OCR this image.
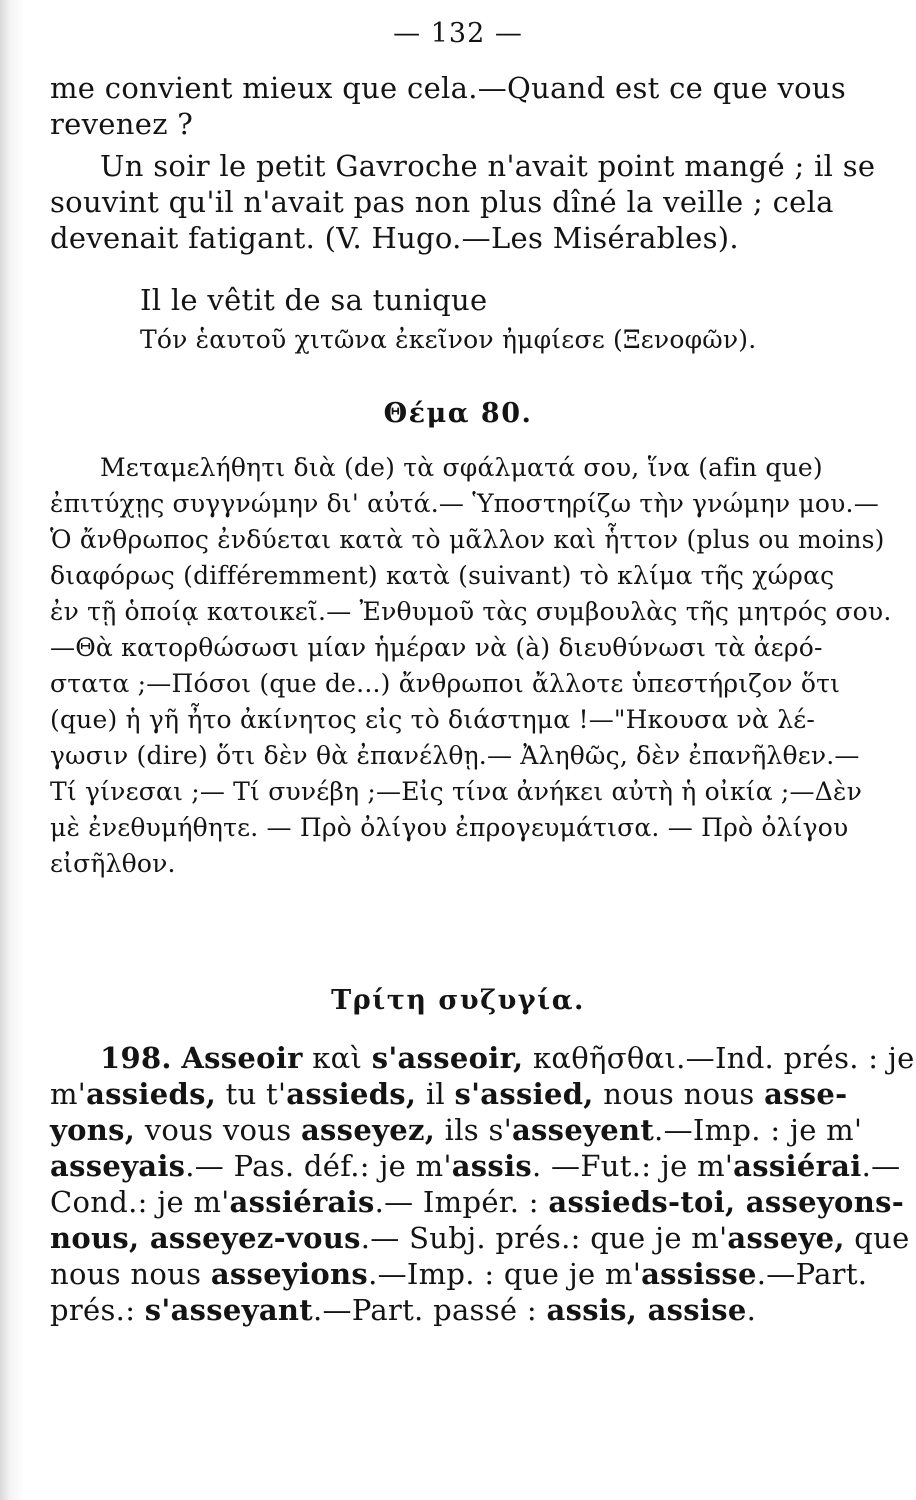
— 132 —
me convient mieux que cela.—Quand est ce que vous
revenez ?
Un soir le petit Gavroche n'avait point mangé ; il se
souvint qu'il n'avait pas non plus dîné la veille ; cela
devenait fatigant. (V. Hugo.—Les Misérables).
Il le vêtit de sa tunique
Τόν ἑαυτοῦ χιτῶνα ἐκεῖνον ἠμφίεσε (Ξενοφῶν).
Θέμα 80.
Μεταμελήθητι διὰ (de) τὰ σφάλματά σου, ἵνα (afin que)
ἐπιτύχῃς συγγνώμην δι' αὐτά.— Ὑποστηρίζω τὴν γνώμην μου.—
Ὁ ἄνθρωπος ἐνδύεται κατὰ τὸ μᾶλλον καὶ ἧττον (plus ou moins)
διαφόρως (différemment) κατὰ (suivant) τὸ κλίμα τῆς χώρας
ἐν τῇ ὁποίᾳ κατοικεῖ.— Ἐνθυμοῦ τὰς συμβουλὰς τῆς μητρός σου.
—Θὰ κατορθώσωσι μίαν ἡμέραν νὰ (à) διευθύνωσι τὰ ἀερό-
στατα ;—Πόσοι (que de...) ἄνθρωποι ἄλλοτε ὑπεστήριζον ὅτι
(que) ἡ γῆ ἦτο ἀκίνητος εἰς τὸ διάστημα !—"Ηκουσα νὰ λέ-
γωσιν (dire) ὅτι δὲν θὰ ἐπανέλθῃ.— Ἀληθῶς, δὲν ἐπανῆλθεν.—
Τί γίνεσαι ;— Τί συνέβη ;—Εἰς τίνα ἀνήκει αὐτὴ ἡ οἰκία ;—Δὲν
μὲ ἐνεθυμήθητε. — Πρὸ ὀλίγου ἐπρογευμάτισα. — Πρὸ ὀλίγου
εἰσῆλθον.
Τρίτη συζυγία.
198. Asseoir καὶ s'asseoir, καθῆσθαι.—Ind. prés. : je
m'assieds, tu t'assieds, il s'assied, nous nous asse-
yons, vous vous asseyez, ils s'asseyent.—Imp. : je m'
asseyais.— Pas. déf.: je m'assis. —Fut.: je m'assiérai.—
Cond.: je m'assiérais.— Impér. : assieds-toi, asseyons-
nous, asseyez-vous.— Subj. prés.: que je m'asseye, que
nous nous asseyions.—Imp. : que je m'assisse.—Part.
prés.: s'asseyant.—Part. passé : assis, assise.
